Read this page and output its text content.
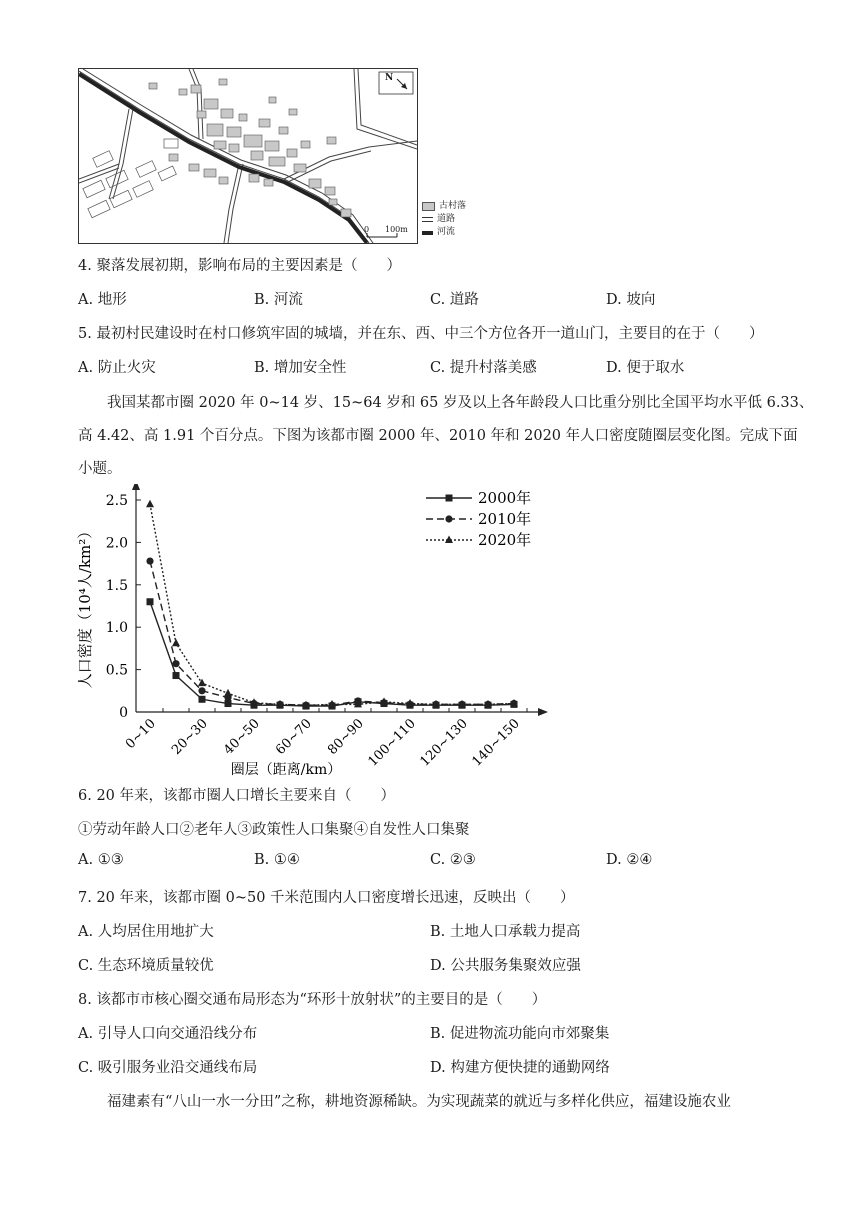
N
0 100m
古村落
道路
河流
4. 聚落发展初期，影响布局的主要因素是（　　）
A. 地形	B. 河流	C. 道路	D. 坡向
5. 最初村民建设时在村口修筑牢固的城墙，并在东、西、中三个方位各开一道山门，主要目的在于（　　）
A. 防止火灾	B. 增加安全性	C. 提升村落美感	D. 便于取水
我国某都市圈 2020 年 0~14 岁、15~64 岁和 65 岁及以上各年龄段人口比重分别比全国平均水平低 6.33、
高 4.42、高 1.91 个百分点。下图为该都市圈 2000 年、2010 年和 2020 年人口密度随圈层变化图。完成下面
小题。
0
0.5
1.0
1.5
2.0
2.5
0~10 20~30 40~50 60~70 80~90
100~110
120~130
140~150
人口密度（10⁴人/km²）
圈层（距离/km）
2000年
2010年
2020年
6. 20 年来，该都市圈人口增长主要来自（　　）
①劳动年龄人口②老年人③政策性人口集聚④自发性人口集聚
A. ①③	B. ①④	C. ②③	D. ②④
7. 20 年来，该都市圈 0~50 千米范围内人口密度增长迅速，反映出（　　）
A. 人均居住用地扩大	B. 土地人口承载力提高
C. 生态环境质量较优	D. 公共服务集聚效应强
8. 该都市市核心圈交通布局形态为“环形十放射状”的主要目的是（　　）
A. 引导人口向交通沿线分布	B. 促进物流功能向市郊聚集
C. 吸引服务业沿交通线布局	D. 构建方便快捷的通勤网络
福建素有“八山一水一分田”之称，耕地资源稀缺。为实现蔬菜的就近与多样化供应，福建设施农业
